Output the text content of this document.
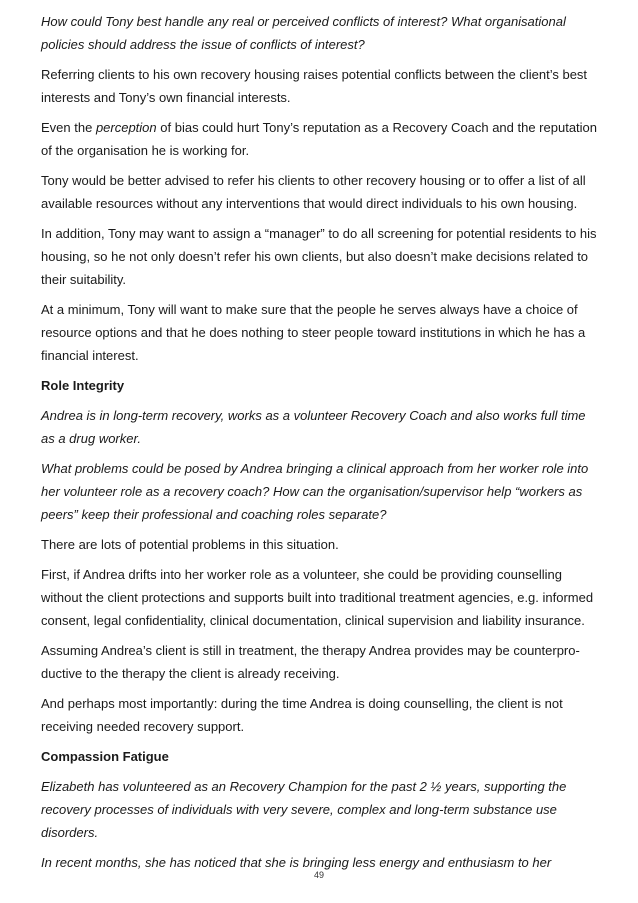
How could Tony best handle any real or perceived conflicts of interest? What organisational policies should address the issue of conflicts of interest?

Referring clients to his own recovery housing raises potential conflicts between the client’s best interests and Tony’s own financial interests.

Even the perception of bias could hurt Tony’s reputation as a Recovery Coach and the reputation of the organisation he is working for.

Tony would be better advised to refer his clients to other recovery housing or to offer a list of all available resources without any interventions that would direct individuals to his own housing.

In addition, Tony may want to assign a “manager” to do all screening for potential residents to his housing, so he not only doesn’t refer his own clients, but also doesn’t make decisions related to their suitability.

At a minimum, Tony will want to make sure that the people he serves always have a choice of resource options and that he does nothing to steer people toward institutions in which he has a financial interest.

Role Integrity

Andrea is in long-term recovery, works as a volunteer Recovery Coach and also works full time as a drug worker.

What problems could be posed by Andrea bringing a clinical approach from her worker role into her volunteer role as a recovery coach? How can the organisation/supervisor help “workers as peers” keep their professional and coaching roles separate?

There are lots of potential problems in this situation.

First, if Andrea drifts into her worker role as a volunteer, she could be providing counselling without the client protections and supports built into traditional treatment agencies, e.g. informed consent, legal confidentiality, clinical documentation, clinical supervision and liability insurance.

Assuming Andrea’s client is still in treatment, the therapy Andrea provides may be counterpro-ductive to the therapy the client is already receiving.

And perhaps most importantly: during the time Andrea is doing counselling, the client is not receiving needed recovery support.

Compassion Fatigue

Elizabeth has volunteered as an Recovery Champion for the past 2 ½ years, supporting the recovery processes of individuals with very severe, complex and long-term substance use disorders.

In recent months, she has noticed that she is bringing less energy and enthusiasm to her

49
